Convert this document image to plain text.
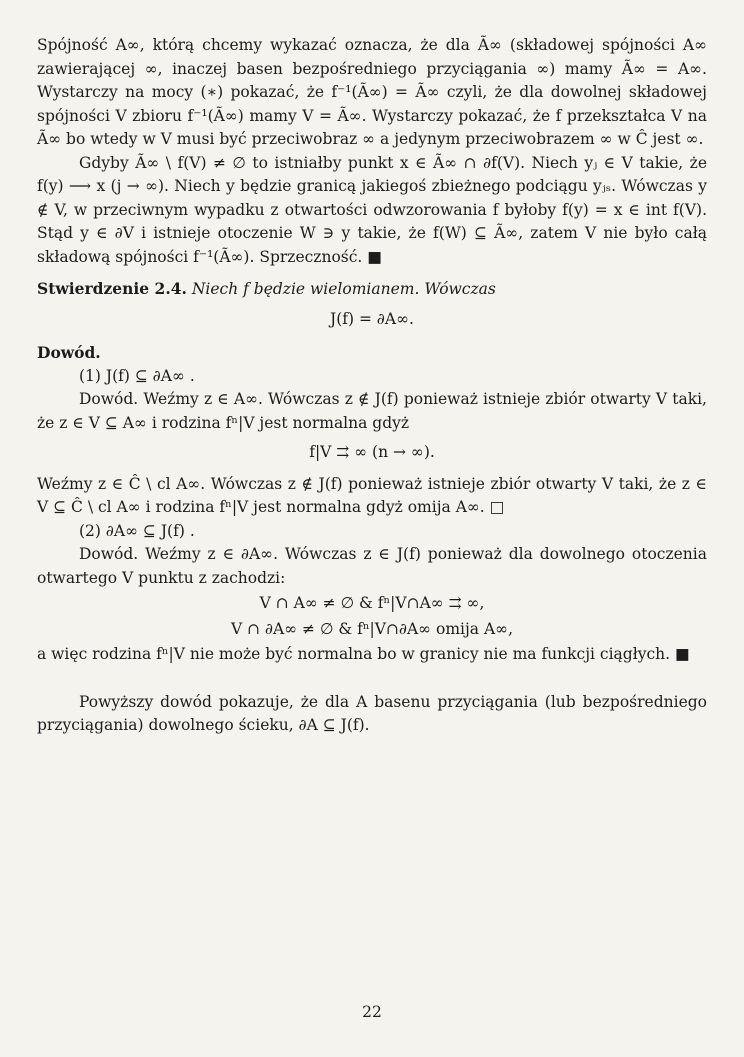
Spójność A∞, którą chcemy wykazać oznacza, że dla Ã∞ (składowej spójności A∞ zawierającej ∞, inaczej basen bezpośredniego przyciągania ∞) mamy Ã∞ = A∞. Wystarczy na mocy (∗) pokazać, że f⁻¹(Ã∞) = Ã∞ czyli, że dla dowolnej składowej spójności V zbioru f⁻¹(Ã∞) mamy V = Ã∞. Wystarczy pokazać, że f przekształca V na Ã∞ bo wtedy w V musi być przeciwobraz ∞ a jedynym przeciwobrazem ∞ w Ĉ jest ∞.

Gdyby Ã∞ \ f(V) ≠ ∅ to istniałby punkt x ∈ Ã∞ ∩ ∂f(V). Niech yⱼ ∈ V takie, że f(y) ⟶ x (j → ∞). Niech y będzie granicą jakiegoś zbieżnego podciągu yⱼₛ. Wówczas y ∉ V, w przeciwnym wypadku z otwartości odwzorowania f byłoby f(y) = x ∈ int f(V). Stąd y ∈ ∂V i istnieje otoczenie W ∋ y takie, że f(W) ⊆ Ã∞, zatem V nie było całą składową spójności f⁻¹(Ã∞). Sprzeczność. ■

Stwierdzenie 2.4. Niech f będzie wielomianem. Wówczas

J(f) = ∂A∞.

Dowód.

(1) J(f) ⊆ ∂A∞ .

Dowód. Weźmy z ∈ A∞. Wówczas z ∉ J(f) ponieważ istnieje zbiór otwarty V taki, że z ∈ V ⊆ A∞ i rodzina fⁿ|V jest normalna gdyż

f|V ⇉ ∞ (n → ∞).

Weźmy z ∈ Ĉ \ cl A∞. Wówczas z ∉ J(f) ponieważ istnieje zbiór otwarty V taki, że z ∈ V ⊆ Ĉ \ cl A∞ i rodzina fⁿ|V jest normalna gdyż omija A∞. □

(2) ∂A∞ ⊆ J(f) .

Dowód. Weźmy z ∈ ∂A∞. Wówczas z ∈ J(f) ponieważ dla dowolnego otoczenia otwartego V punktu z zachodzi:

V ∩ A∞ ≠ ∅ & fⁿ|V∩A∞ ⇉ ∞,

V ∩ ∂A∞ ≠ ∅ & fⁿ|V∩∂A∞ omija A∞,

a więc rodzina fⁿ|V nie może być normalna bo w granicy nie ma funkcji ciągłych. ■

Powyższy dowód pokazuje, że dla A basenu przyciągania (lub bezpośredniego przyciągania) dowolnego ścieku, ∂A ⊆ J(f).

22
